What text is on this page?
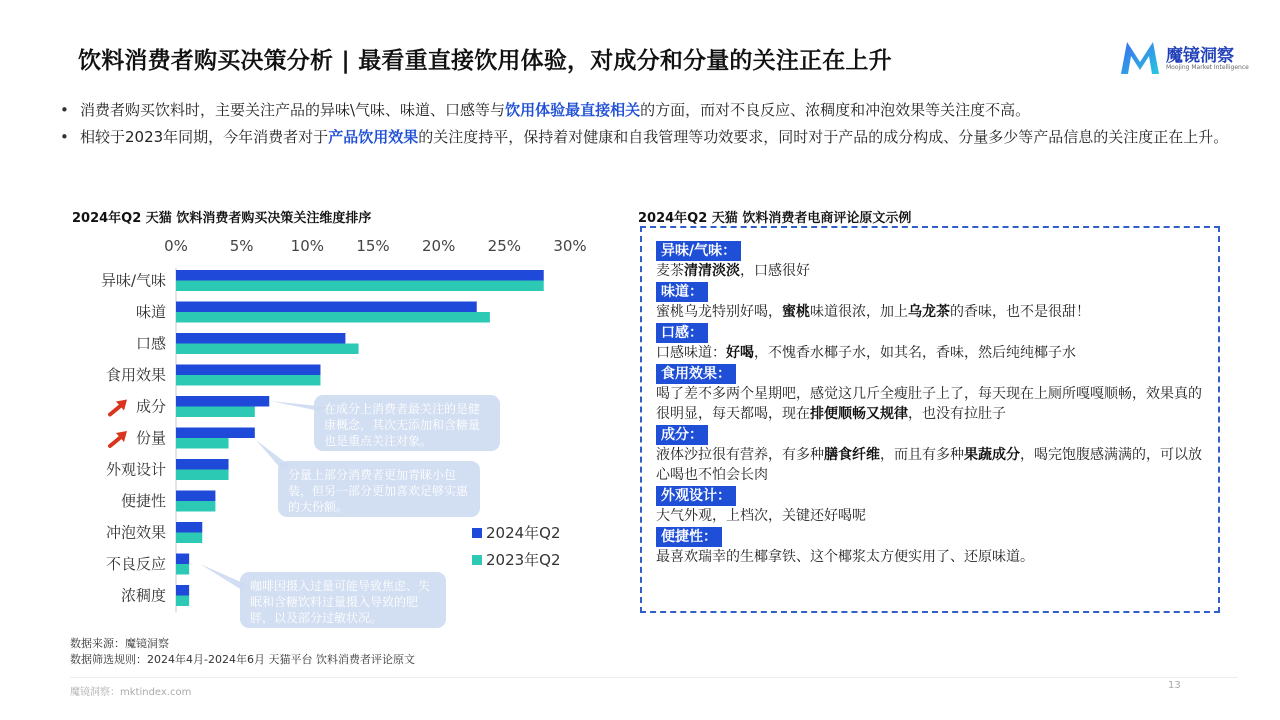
饮料消费者购买决策分析 | 最看重直接饮用体验，对成分和分量的关注正在上升	魔镜洞察
Moojing Market Intelligence
• 消费者购买饮料时，主要关注产品的异味\气味、味道、口感等与饮用体验最直接相关的方面，而对不良反应、浓稠度和冲泡效果等关注度不高。
• 相较于2023年同期，今年消费者对于产品饮用效果的关注度持平，保持着对健康和自我管理等功效要求，同时对于产品的成分构成、分量多少等产品信息的关注度正在上升。
2024年Q2 天猫 饮料消费者购买决策关注维度排序
0%	5% 10% 15% 20% 25% 30%
异味/气味
味道
口感
食用效果
成分
份量
外观设计
便捷性
冲泡效果
不良反应
浓稠度
2024年Q2
2023年Q2
在成分上消费者最关注的是健康概念，其次无添加和含糖量也是重点关注对象。
分量上部分消费者更加青睐小包装，但另一部分更加喜欢足够实惠的大份额。
咖啡因摄入过量可能导致焦虑、失眠和含糖饮料过量摄入导致的肥胖，以及部分过敏状况。
2024年Q2 天猫 饮料消费者电商评论原文示例
异味/气味：
麦茶清清淡淡，口感很好
味道：
蜜桃乌龙特别好喝，蜜桃味道很浓，加上乌龙茶的香味，也不是很甜！
口感：
口感味道：好喝，不愧香水椰子水，如其名，香味，然后纯纯椰子水
食用效果：
喝了差不多两个星期吧，感觉这几斤全瘦肚子上了，每天现在上厕所嘎嘎顺畅，效果真的很明显，每天都喝，现在排便顺畅又规律，也没有拉肚子
成分：
液体沙拉很有营养，有多种膳食纤维，而且有多种果蔬成分，喝完饱腹感满满的，可以放心喝也不怕会长肉
外观设计：
大气外观，上档次，关键还好喝呢
便捷性：
最喜欢瑞幸的生椰拿铁、这个椰浆太方便实用了、还原味道。
数据来源：魔镜洞察
数据筛选规则：2024年4月-2024年6月 天猫平台 饮料消费者评论原文
魔镜洞察：mktindex.com
13
